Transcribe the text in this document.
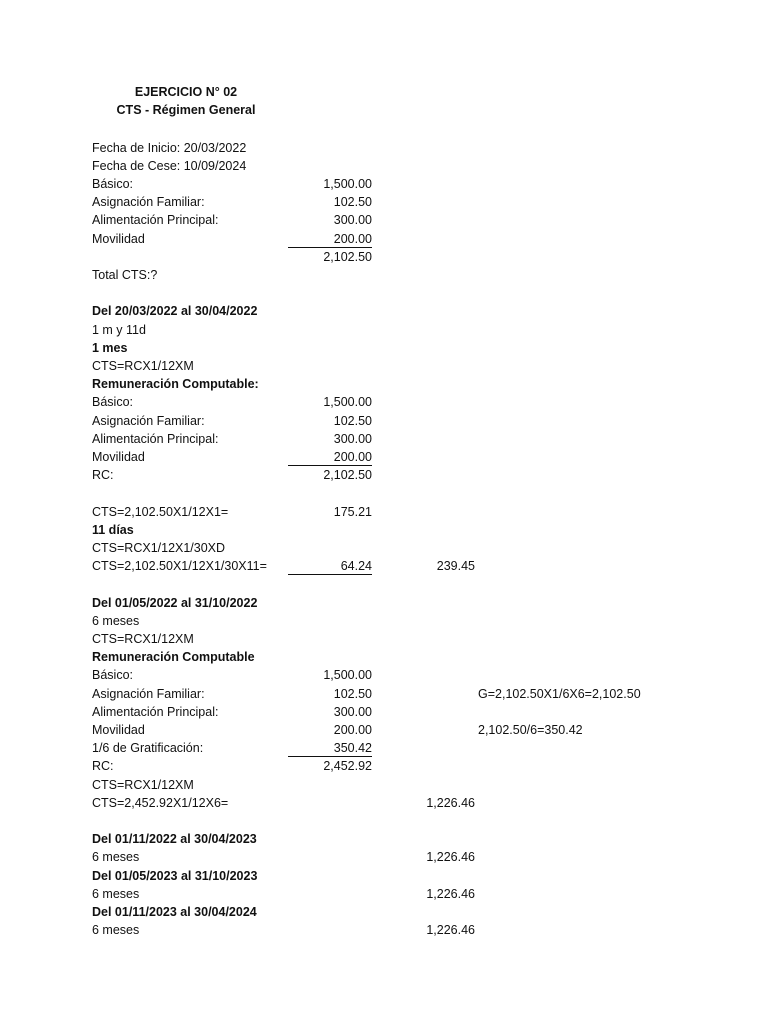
EJERCICIO N° 02
CTS - Régimen General
Fecha de Inicio: 20/03/2022
Fecha de Cese: 10/09/2024
Básico:	1,500.00
Asignación Familiar:	102.50
Alimentación Principal:	300.00
Movilidad	200.00
2,102.50
Total CTS:?
Del 20/03/2022 al 30/04/2022
1 m y 11d
1 mes
CTS=RCX1/12XM
Remuneración Computable:
Básico:	1,500.00
Asignación Familiar:	102.50
Alimentación Principal:	300.00
Movilidad	200.00
RC:	2,102.50
CTS=2,102.50X1/12X1=	175.21
11 días
CTS=RCX1/12X1/30XD
CTS=2,102.50X1/12X1/30X11=	64.24	239.45
Del 01/05/2022 al 31/10/2022
6 meses
CTS=RCX1/12XM
Remuneración Computable
Básico:	1,500.00
Asignación Familiar:	102.50	G=2,102.50X1/6X6=2,102.50
Alimentación Principal:	300.00
Movilidad	200.00	2,102.50/6=350.42
1/6 de Gratificación:	350.42
RC:	2,452.92
CTS=RCX1/12XM
CTS=2,452.92X1/12X6=	1,226.46
Del 01/11/2022 al 30/04/2023
6 meses	1,226.46
Del 01/05/2023 al 31/10/2023
6 meses	1,226.46
Del 01/11/2023 al 30/04/2024
6 meses	1,226.46
